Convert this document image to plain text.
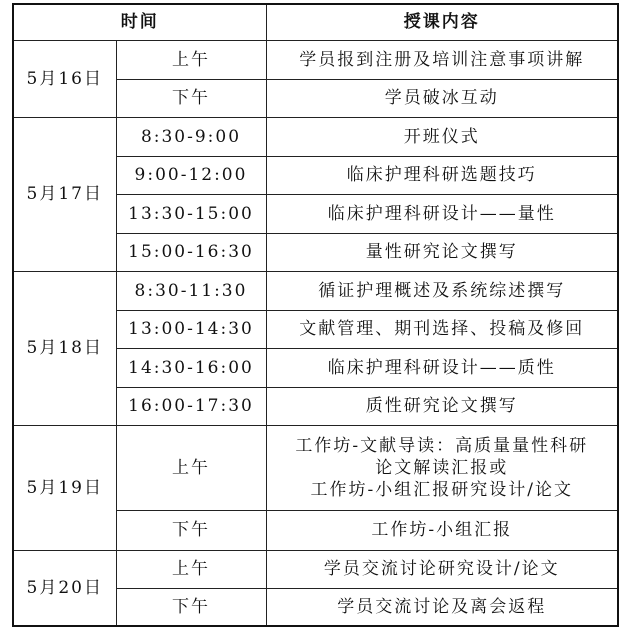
时间		授课内容
5月16日	上午	学员报到注册及培训注意事项讲解
	下午	学员破冰互动
5月17日	8:30-9:00	开班仪式
	9:00-12:00	临床护理科研选题技巧
	13:30-15:00	临床护理科研设计——量性
	15:00-16:30	量性研究论文撰写
5月18日	8:30-11:30	循证护理概述及系统综述撰写
	13:00-14:30	文献管理、期刊选择、投稿及修回
	14:30-16:00	临床护理科研设计——质性
	16:00-17:30	质性研究论文撰写
5月19日	上午	工作坊-文献导读：高质量量性科研
论文解读汇报或
工作坊-小组汇报研究设计/论文

	下午	工作坊-小组汇报
5月20日	上午	学员交流讨论研究设计/论文
	下午	学员交流讨论及离会返程
